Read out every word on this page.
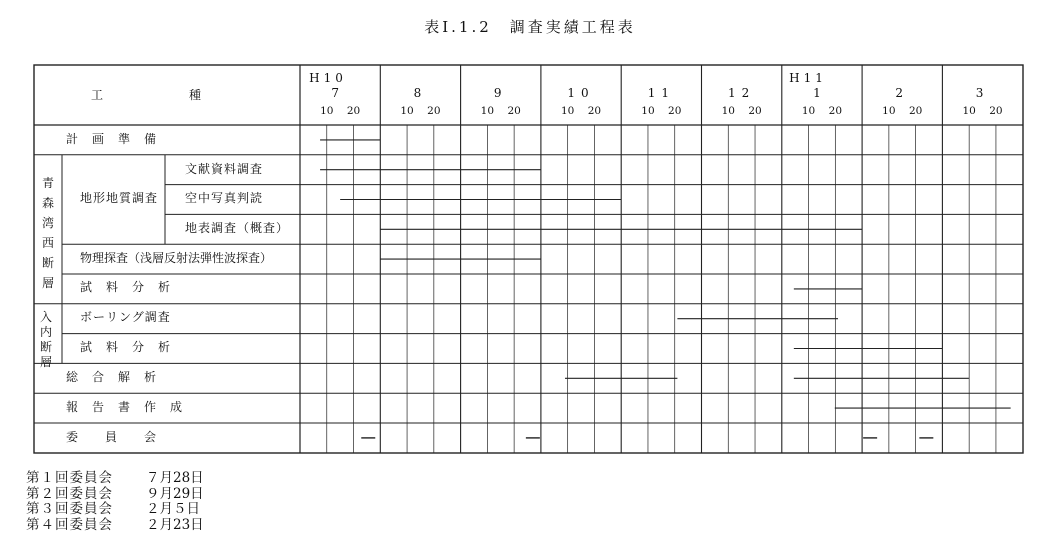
表Ⅰ.1.2　調査実績工程表
工　　　　　　種
H10	H11
計　画　準　備
地形地質調査
文献資料調査
空中写真判読
地表調査（概査）
物理探査（浅層反射法弾性波探査）
試　料　分　析
ボーリング調査
試　料　分　析
総　合　解　析
報　告　書　作　成
委　　員　　会
青
森
湾
西
断
層
入
内
断
層
7
10 20
8
10 20
9
10 20
10
10 20
11
10 20
12
10 20
1
10 20
2
10 20
3
10 20
第１回委員会 ７月28日
第２回委員会 ９月29日
第３回委員会 ２月５日
第４回委員会 ２月23日
